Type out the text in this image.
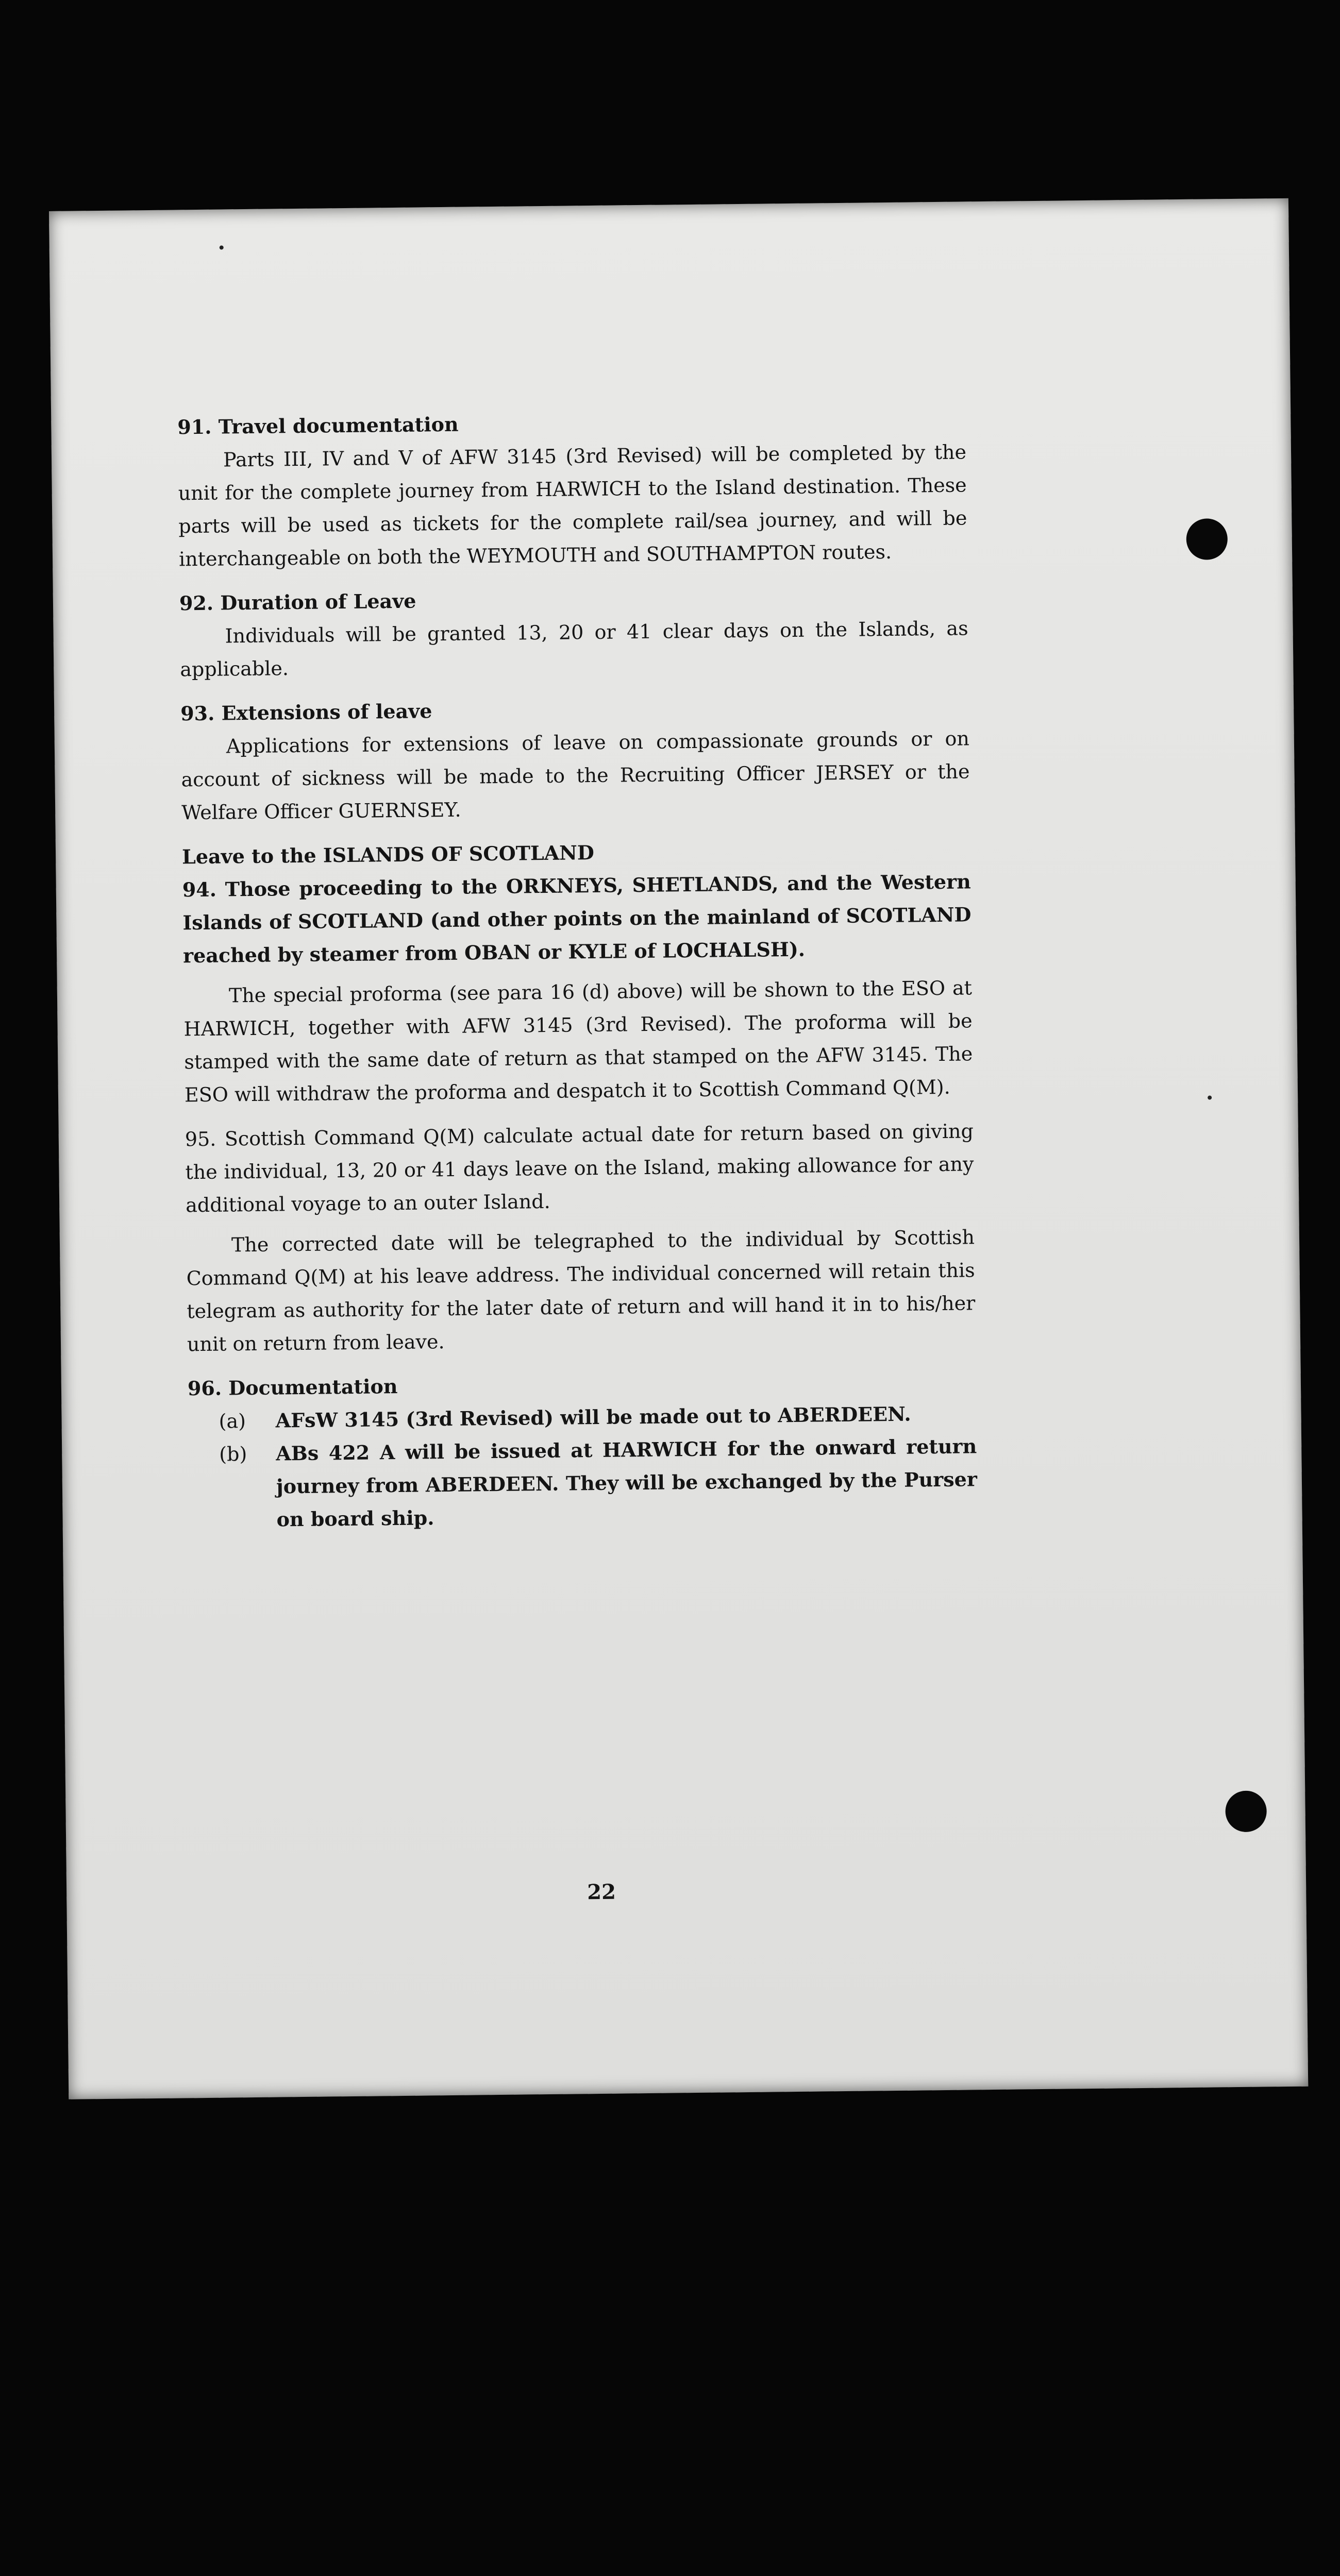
91. Travel documentation

Parts III, IV and V of AFW 3145 (3rd Revised) will be completed by the unit for the complete journey from HARWICH to the Island destination. These parts will be used as tickets for the complete rail/sea journey, and will be interchangeable on both the WEYMOUTH and SOUTHAMPTON routes.

92. Duration of Leave

Individuals will be granted 13, 20 or 41 clear days on the Islands, as applicable.

93. Extensions of leave

Applications for extensions of leave on compassionate grounds or on account of sickness will be made to the Recruiting Officer JERSEY or the Welfare Officer GUERNSEY.

Leave to the ISLANDS OF SCOTLAND

94. Those proceeding to the ORKNEYS, SHETLANDS, and the Western Islands of SCOTLAND (and other points on the mainland of SCOTLAND reached by steamer from OBAN or KYLE of LOCHALSH).

The special proforma (see para 16 (d) above) will be shown to the ESO at HARWICH, together with AFW 3145 (3rd Revised). The proforma will be stamped with the same date of return as that stamped on the AFW 3145. The ESO will withdraw the proforma and despatch it to Scottish Command Q(M).

95. Scottish Command Q(M) calculate actual date for return based on giving the individual, 13, 20 or 41 days leave on the Island, making allowance for any additional voyage to an outer Island.

The corrected date will be telegraphed to the individual by Scottish Command Q(M) at his leave address. The individual concerned will retain this telegram as authority for the later date of return and will hand it in to his/her unit on return from leave.

96. Documentation

(a)	AFsW 3145 (3rd Revised) will be made out to ABERDEEN.
(b)	ABs 422 A will be issued at HARWICH for the onward return journey from ABERDEEN. They will be exchanged by the Purser on board ship.
22
